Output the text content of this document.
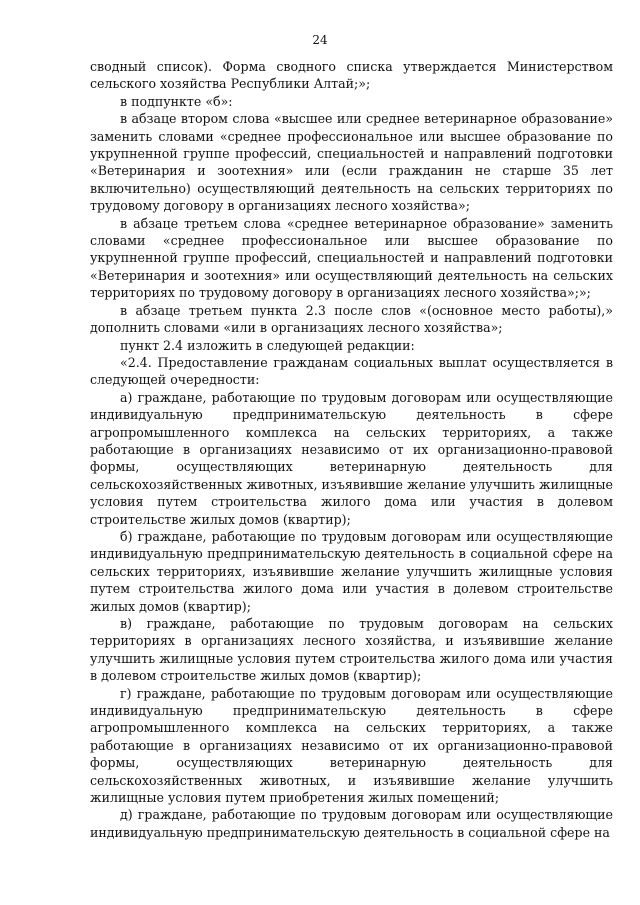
24

сводный список). Форма сводного списка утверждается Министерством сельского хозяйства Республики Алтай;»;

в подпункте «б»:

в абзаце втором слова «высшее или среднее ветеринарное образование» заменить словами «среднее профессиональное или высшее образование по укрупненной группе профессий, специальностей и направлений подготовки «Ветеринария и зоотехния» или (если гражданин не старше 35 лет включительно) осуществляющий деятельность на сельских территориях по трудовому договору в организациях лесного хозяйства»;

в абзаце третьем слова «среднее ветеринарное образование» заменить словами «среднее профессиональное или высшее образование по укрупненной группе профессий, специальностей и направлений подготовки «Ветеринария и зоотехния» или осуществляющий деятельность на сельских территориях по трудовому договору в организациях лесного хозяйства»;»;

в абзаце третьем пункта 2.3 после слов «(основное место работы),» дополнить словами «или в организациях лесного хозяйства»;

пункт 2.4 изложить в следующей редакции:

«2.4. Предоставление гражданам социальных выплат осуществляется в следующей очередности:

а) граждане, работающие по трудовым договорам или осуществляющие индивидуальную предпринимательскую деятельность в сфере агропромышленного комплекса на сельских территориях, а также работающие в организациях независимо от их организационно-правовой формы, осуществляющих ветеринарную деятельность для сельскохозяйственных животных, изъявившие желание улучшить жилищные условия путем строительства жилого дома или участия в долевом строительстве жилых домов (квартир);

б) граждане, работающие по трудовым договорам или осуществляющие индивидуальную предпринимательскую деятельность в социальной сфере на сельских территориях, изъявившие желание улучшить жилищные условия путем строительства жилого дома или участия в долевом строительстве жилых домов (квартир);

в) граждане, работающие по трудовым договорам на сельских территориях в организациях лесного хозяйства, и изъявившие желание улучшить жилищные условия путем строительства жилого дома или участия в долевом строительстве жилых домов (квартир);

г) граждане, работающие по трудовым договорам или осуществляющие индивидуальную предпринимательскую деятельность в сфере агропромышленного комплекса на сельских территориях, а также работающие в организациях независимо от их организационно-правовой формы, осуществляющих ветеринарную деятельность для сельскохозяйственных животных, и изъявившие желание улучшить жилищные условия путем приобретения жилых помещений;

д) граждане, работающие по трудовым договорам или осуществляющие индивидуальную предпринимательскую деятельность в социальной сфере на
